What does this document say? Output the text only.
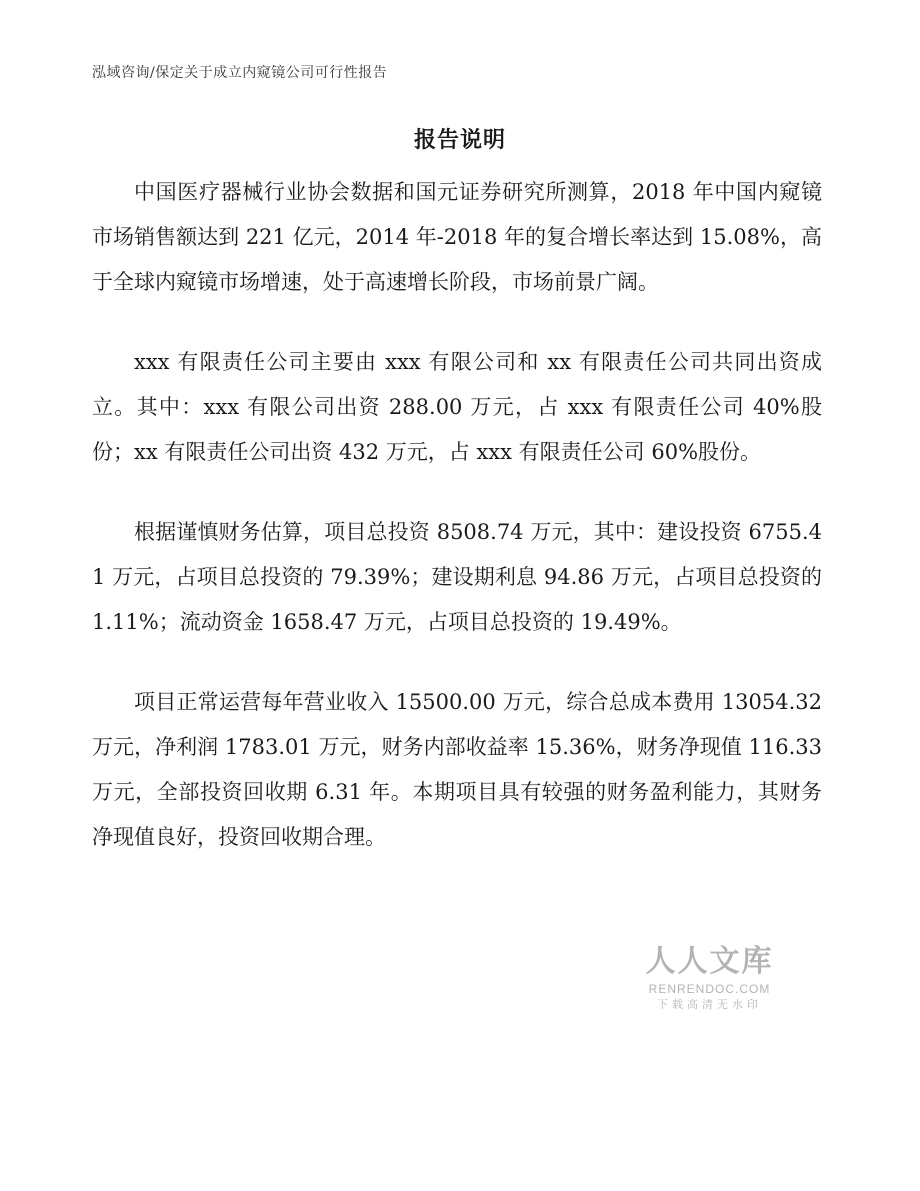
泓域咨询/保定关于成立内窥镜公司可行性报告
报告说明

中国医疗器械行业协会数据和国元证券研究所测算，2018 年中国内窥镜市场销售额达到 221 亿元，2014 年-2018 年的复合增长率达到 15.08%，高于全球内窥镜市场增速，处于高速增长阶段，市场前景广阔。

xxx 有限责任公司主要由 xxx 有限公司和 xx 有限责任公司共同出资成立。其中：xxx 有限公司出资 288.00 万元，占 xxx 有限责任公司 40%股份；xx 有限责任公司出资 432 万元，占 xxx 有限责任公司 60%股份。

根据谨慎财务估算，项目总投资 8508.74 万元，其中：建设投资 6755.41 万元，占项目总投资的 79.39%；建设期利息 94.86 万元，占项目总投资的 1.11%；流动资金 1658.47 万元，占项目总投资的 19.49%。

项目正常运营每年营业收入 15500.00 万元，综合总成本费用 13054.32 万元，净利润 1783.01 万元，财务内部收益率 15.36%，财务净现值 116.33 万元，全部投资回收期 6.31 年。本期项目具有较强的财务盈利能力，其财务净现值良好，投资回收期合理。

人人文库
RENRENDOC.COM
下载高清无水印
